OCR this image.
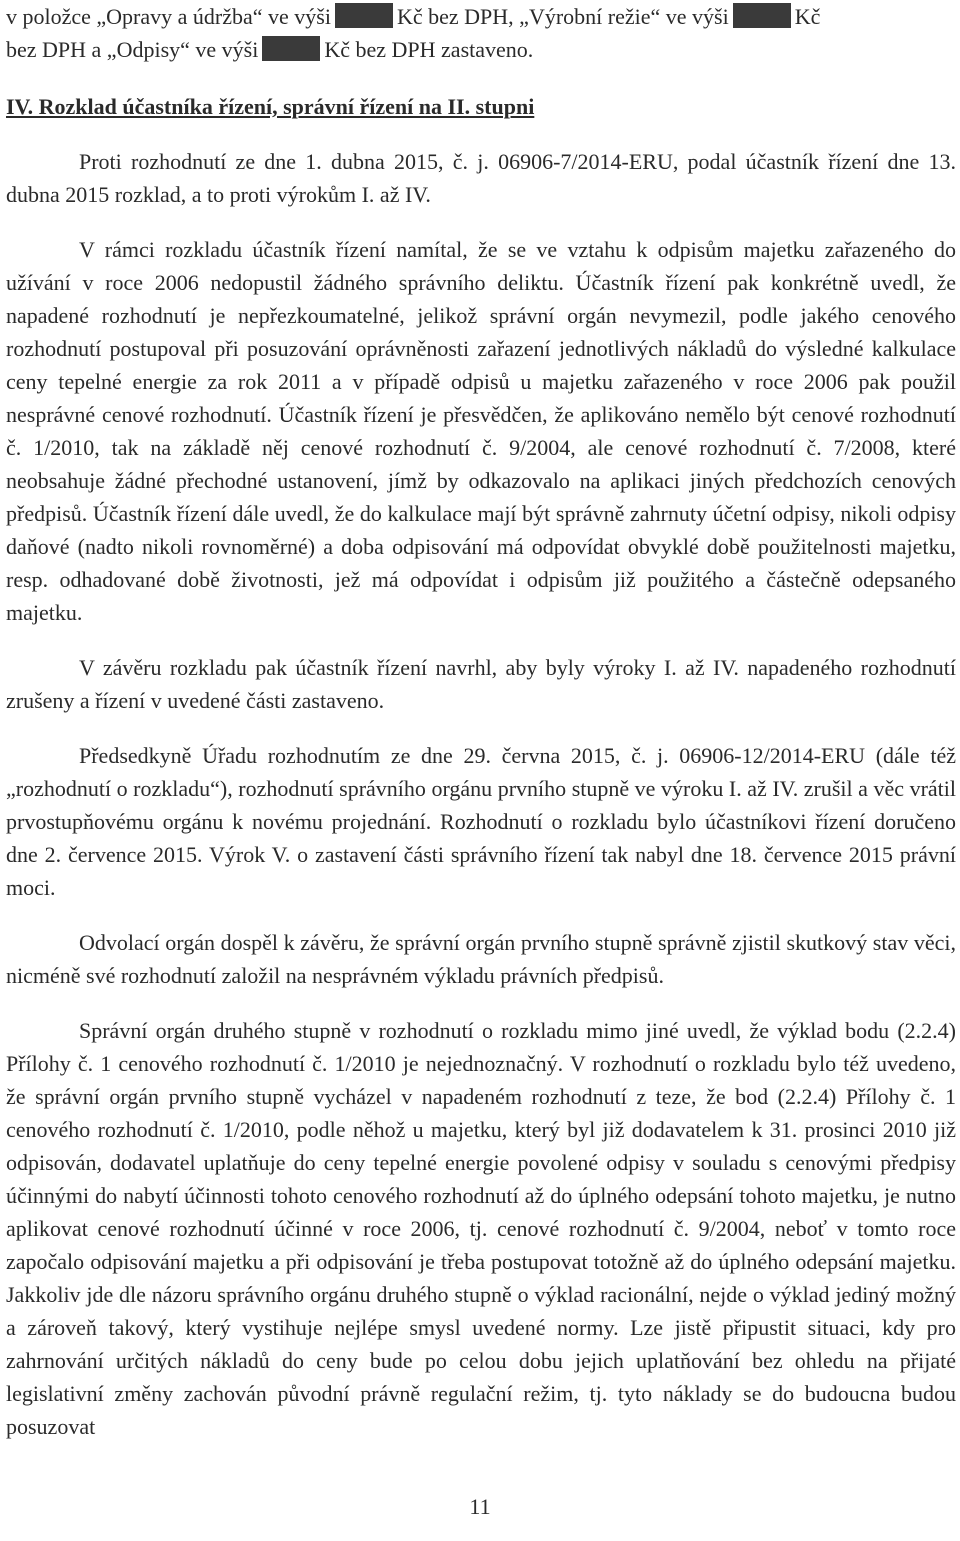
v položce „Opravy a údržba“ ve výši	Kč bez DPH, „Výrobní režie“ ve výši	Kč
bez DPH a „Odpisy“ ve výši	Kč bez DPH zastaveno.

IV. Rozklad účastníka řízení, správní řízení na II. stupni

Proti rozhodnutí ze dne 1. dubna 2015, č. j. 06906-7/2014-ERU, podal účastník řízení dne 13. dubna 2015 rozklad, a to proti výrokům I. až IV.

V rámci rozkladu účastník řízení namítal, že se ve vztahu k odpisům majetku zařazeného do užívání v roce 2006 nedopustil žádného správního deliktu. Účastník řízení pak konkrétně uvedl, že napadené rozhodnutí je nepřezkoumatelné, jelikož správní orgán nevymezil, podle jakého cenového rozhodnutí postupoval při posuzování oprávněnosti zařazení jednotlivých nákladů do výsledné kalkulace ceny tepelné energie za rok 2011 a v případě odpisů u majetku zařazeného v roce 2006 pak použil nesprávné cenové rozhodnutí. Účastník řízení je přesvědčen, že aplikováno nemělo být cenové rozhodnutí č. 1/2010, tak na základě něj cenové rozhodnutí č. 9/2004, ale cenové rozhodnutí č. 7/2008, které neobsahuje žádné přechodné ustanovení, jímž by odkazovalo na aplikaci jiných předchozích cenových předpisů. Účastník řízení dále uvedl, že do kalkulace mají být správně zahrnuty účetní odpisy, nikoli odpisy daňové (nadto nikoli rovnoměrné) a doba odpisování má odpovídat obvyklé době použitelnosti majetku, resp. odhadované době životnosti, jež má odpovídat i odpisům již použitého a částečně odepsaného majetku.

V závěru rozkladu pak účastník řízení navrhl, aby byly výroky I. až IV. napadeného rozhodnutí zrušeny a řízení v uvedené části zastaveno.

Předsedkyně Úřadu rozhodnutím ze dne 29. června 2015, č. j. 06906-12/2014-ERU (dále též „rozhodnutí o rozkladu“), rozhodnutí správního orgánu prvního stupně ve výroku I. až IV. zrušil a věc vrátil prvostupňovému orgánu k novému projednání. Rozhodnutí o rozkladu bylo účastníkovi řízení doručeno dne 2. července 2015. Výrok V. o zastavení části správního řízení tak nabyl dne 18. července 2015 právní moci.

Odvolací orgán dospěl k závěru, že správní orgán prvního stupně správně zjistil skutkový stav věci, nicméně své rozhodnutí založil na nesprávném výkladu právních předpisů.

Správní orgán druhého stupně v rozhodnutí o rozkladu mimo jiné uvedl, že výklad bodu (2.2.4) Přílohy č. 1 cenového rozhodnutí č. 1/2010 je nejednoznačný. V rozhodnutí o rozkladu bylo též uvedeno, že správní orgán prvního stupně vycházel v napadeném rozhodnutí z teze, že bod (2.2.4) Přílohy č. 1 cenového rozhodnutí č. 1/2010, podle něhož u majetku, který byl již dodavatelem k 31. prosinci 2010 již odpisován, dodavatel uplatňuje do ceny tepelné energie povolené odpisy v souladu s cenovými předpisy účinnými do nabytí účinnosti tohoto cenového rozhodnutí až do úplného odepsání tohoto majetku, je nutno aplikovat cenové rozhodnutí účinné v roce 2006, tj. cenové rozhodnutí č. 9/2004, neboť v tomto roce započalo odpisování majetku a při odpisování je třeba postupovat totožně až do úplného odepsání majetku. Jakkoliv jde dle názoru správního orgánu druhého stupně o výklad racionální, nejde o výklad jediný možný a zároveň takový, který vystihuje nejlépe smysl uvedené normy. Lze jistě připustit situaci, kdy pro zahrnování určitých nákladů do ceny bude po celou dobu jejich uplatňování bez ohledu na přijaté legislativní změny zachován původní právně regulační režim, tj. tyto náklady se do budoucna budou posuzovat

11
